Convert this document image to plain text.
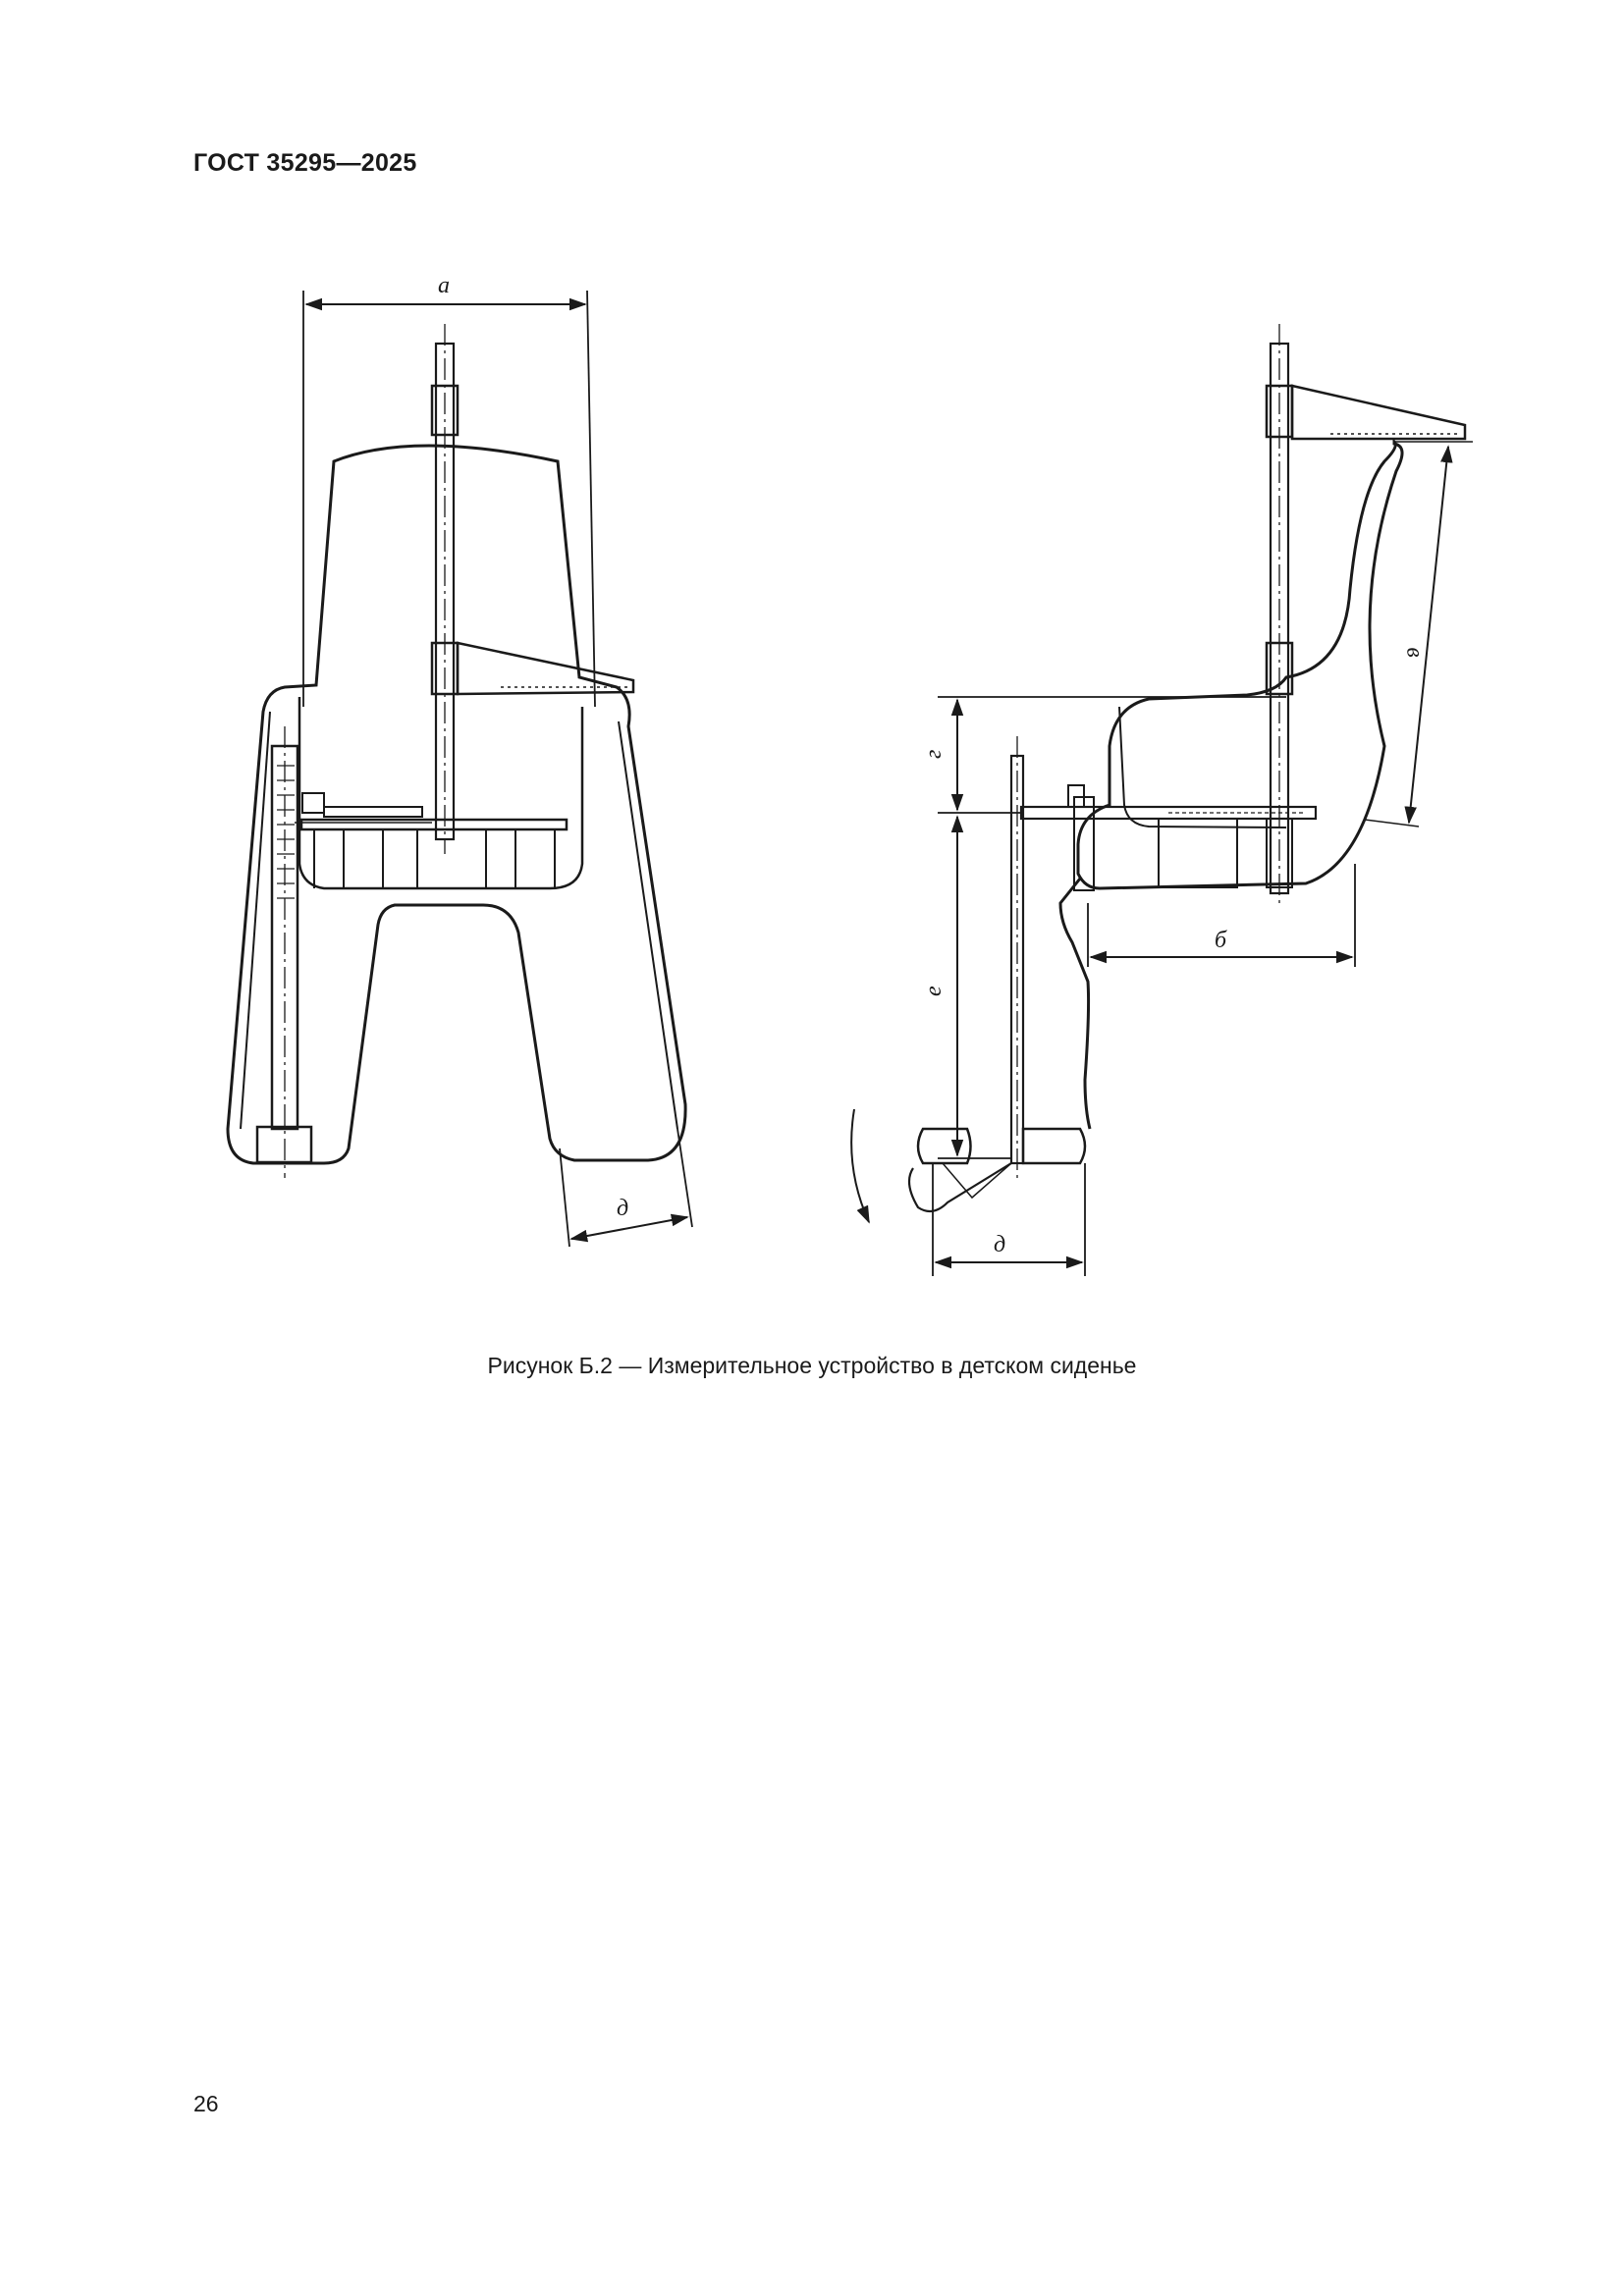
ГОСТ 35295—2025
а
д
б
д
г
е
в
Рисунок Б.2 — Измерительное устройство в детском сиденье
26
